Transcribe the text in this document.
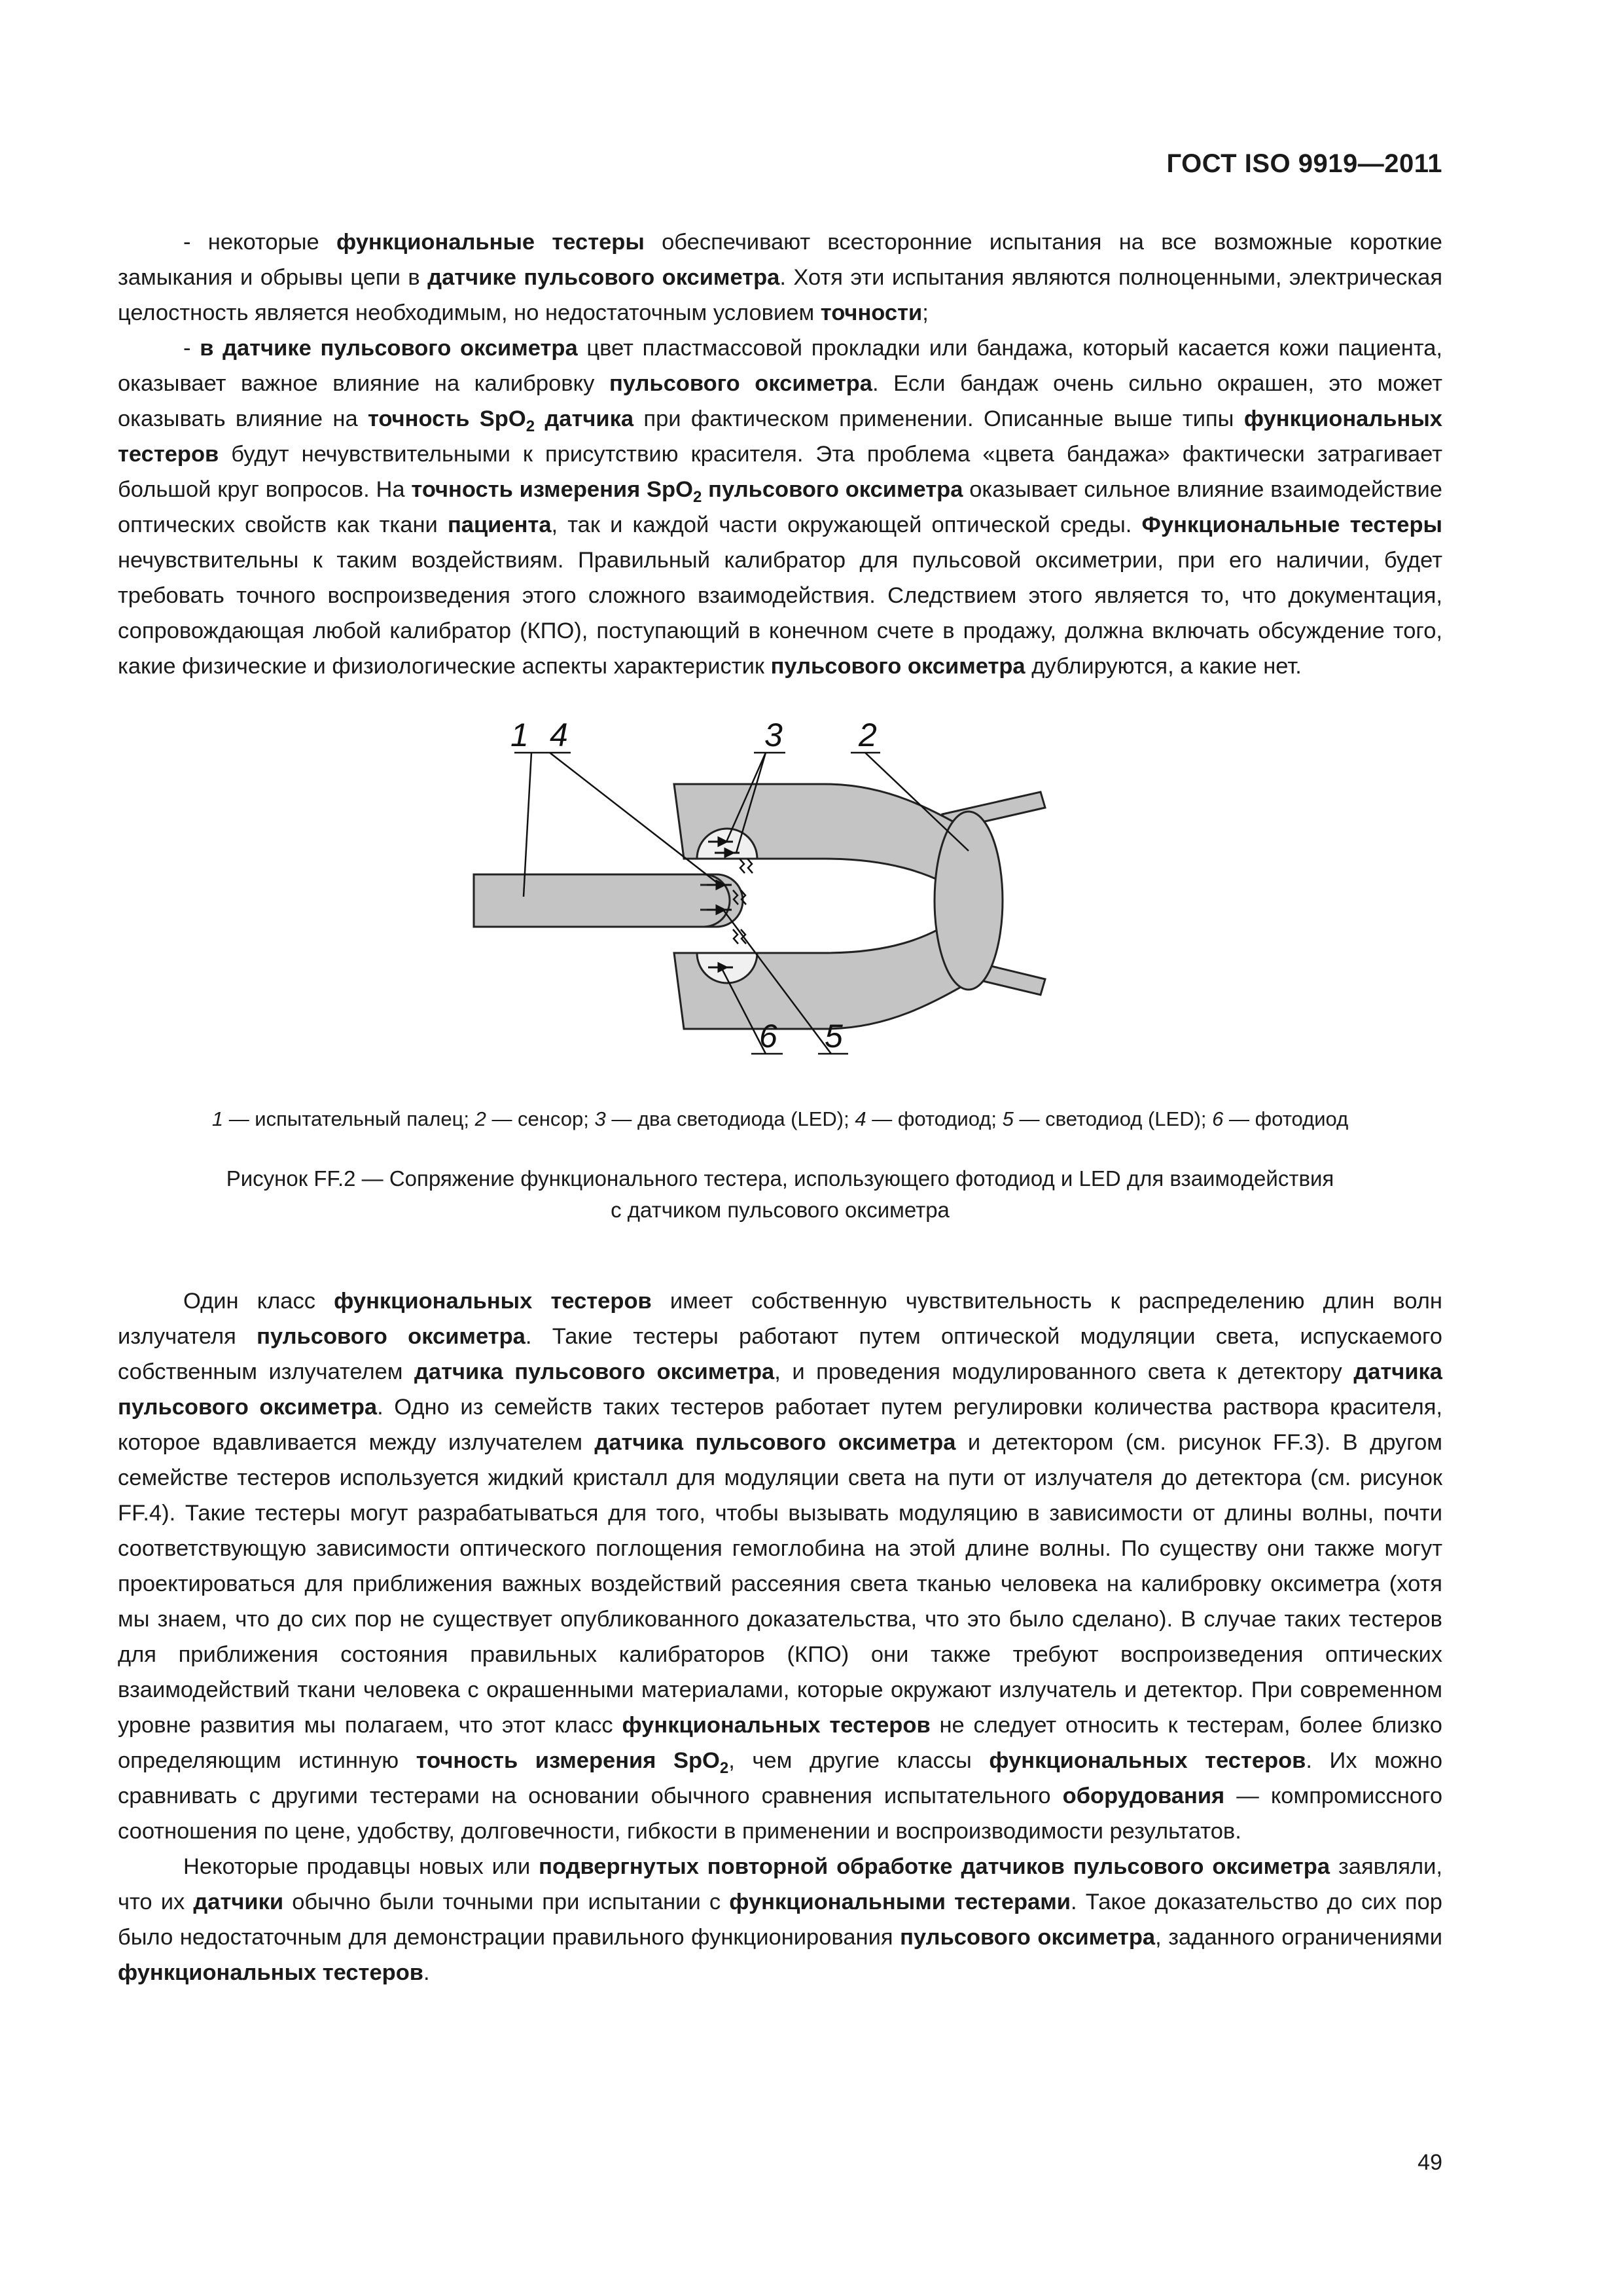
ГОСТ ISO 9919—2011

- некоторые функциональные тестеры обеспечивают всесторонние испытания на все возможные короткие замыкания и обрывы цепи в датчике пульсового оксиметра. Хотя эти испытания являются полноценными, электрическая целостность является необходимым, но недостаточным условием точности;

- в датчике пульсового оксиметра цвет пластмассовой прокладки или бандажа, который касается кожи пациента, оказывает важное влияние на калибровку пульсового оксиметра. Если бандаж очень сильно окрашен, это может оказывать влияние на точность SpO$_2$ датчика при фактическом применении. Описанные выше типы функциональных тестеров будут нечувствительными к присутствию красителя. Эта проблема «цвета бандажа» фактически затрагивает большой круг вопросов. На точность измерения SpO$_2$ пульсового оксиметра оказывает сильное влияние взаимодействие оптических свойств как ткани пациента, так и каждой части окружающей оптической среды. Функциональные тестеры нечувствительны к таким воздействиям. Правильный калибратор для пульсовой оксиметрии, при его наличии, будет требовать точного воспроизведения этого сложного взаимодействия. Следствием этого является то, что документация, сопровождающая любой калибратор (КПО), поступающий в конечном счете в продажу, должна включать обсуждение того, какие физические и физиологические аспекты характеристик пульсового оксиметра дублируются, а какие нет.

1 4	3 2
6 5
1 — испытательный палец; 2 — сенсор; 3 — два светодиода (LED); 4 — фотодиод; 5 — светодиод (LED); 6 — фотодиод
Рисунок FF.2 — Сопряжение функционального тестера, использующего фотодиод и LED для взаимодействия
с датчиком пульсового оксиметра

Один класс функциональных тестеров имеет собственную чувствительность к распределению длин волн излучателя пульсового оксиметра. Такие тестеры работают путем оптической модуляции света, испускаемого собственным излучателем датчика пульсового оксиметра, и проведения модулированного света к детектору датчика пульсового оксиметра. Одно из семейств таких тестеров работает путем регулировки количества раствора красителя, которое вдавливается между излучателем датчика пульсового оксиметра и детектором (см. рисунок FF.3). В другом семействе тестеров используется жидкий кристалл для модуляции света на пути от излучателя до детектора (см. рисунок FF.4). Такие тестеры могут разрабатываться для того, чтобы вызывать модуляцию в зависимости от длины волны, почти соответствующую зависимости оптического поглощения гемоглобина на этой длине волны. По существу они также могут проектироваться для приближения важных воздействий рассеяния света тканью человека на калибровку оксиметра (хотя мы знаем, что до сих пор не существует опубликованного доказательства, что это было сделано). В случае таких тестеров для приближения состояния правильных калибраторов (КПО) они также требуют воспроизведения оптических взаимодействий ткани человека с окрашенными материалами, которые окружают излучатель и детектор. При современном уровне развития мы полагаем, что этот класс функциональных тестеров не следует относить к тестерам, более близко определяющим истинную точность измерения SpO$_2$, чем другие классы функциональных тестеров. Их можно сравнивать с другими тестерами на основании обычного сравнения испытательного оборудования — компромиссного соотношения по цене, удобству, долговечности, гибкости в применении и воспроизводимости результатов.

Некоторые продавцы новых или подвергнутых повторной обработке датчиков пульсового оксиметра заявляли, что их датчики обычно были точными при испытании с функциональными тестерами. Такое доказательство до сих пор было недостаточным для демонстрации правильного функционирования пульсового оксиметра, заданного ограничениями функциональных тестеров.

49
